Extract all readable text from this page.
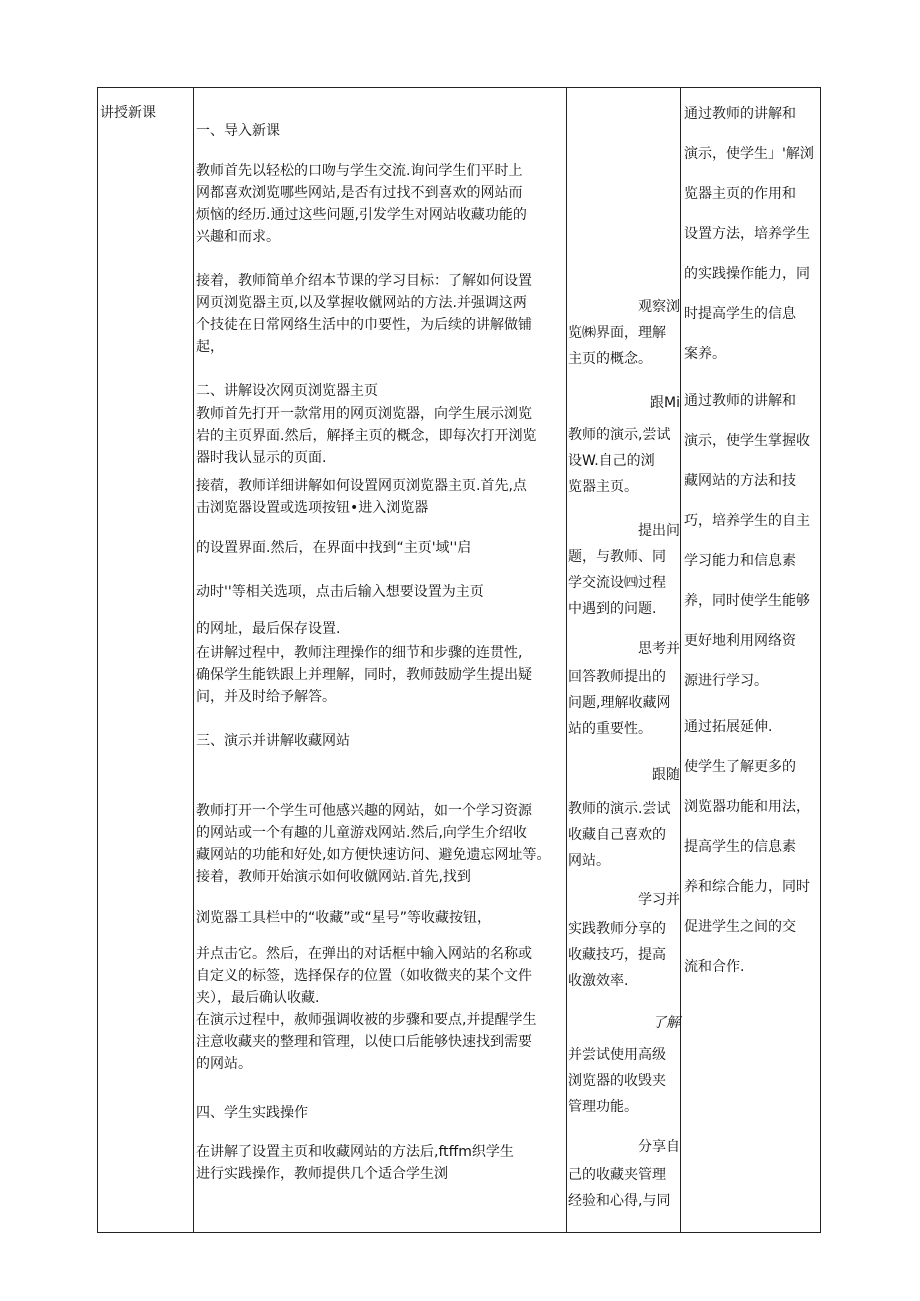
讲授新课
一、导入新课
教师首先以轻松的口吻与学生交流.询问学生们平时上
网都喜欢浏览哪些网站,是否有过找不到喜欢的网站而
烦恼的经历.通过这些问题,引发学生对网站收藏功能的
兴趣和而求。
接着，教师简单介绍本节课的学习目标：了解如何设置
网页浏览器主页,以及掌握收僦网站的方法.并强调这两
个技徒在日常网络生活中的巾要性，为后续的讲解做铺
起，
二、讲解设次网页浏览器主页
教师首先打开一款常用的网页浏览器，向学生展示浏览
岩的主页界面.然后，解择主页的概念，即每次打开浏览
器时我认显示的页面.
接蓿，教师详细讲解如何设置网页浏览器主页.首先,点
击浏览器设置或选项按钮•进入浏览器
的设置界面.然后，在界面中找到“主页'域''启
动时''等相关选项，点击后输入想要设置为主页
的网址，最后保存设置.
在讲解过程中，教师注理操作的细节和步骤的连贯性,
确保学生能铁跟上并理解，同时，教师鼓励学生提出疑
问，并及时给予解答。
三、演示并讲解收藏网站
教师打开一个学生可他感兴趣的网站，如一个学习资源
的网站或一个有趣的儿童游戏网站.然后,向学生介绍收
藏网站的功能和好处,如方便快速访问、避免遗忘网址等。
接着，教师开始演示如何收僦网站.首先,找到
浏览器工具栏中的“收藏”或“星号”等收藏按钮，
并点击它。然后，在弹出的对话框中输入网站的名称或
自定义的标签，选择保存的位置（如收微夹的某个文件
夹），最后确认收藏.
在演示过程中，赦师强调收被的步骤和要点,并提醒学生
注意收藏夹的整理和管理，以使口后能够快速找到需要
的网站。
四、学生实践操作
在讲解了设置主页和收藏网站的方法后,ftffm织学生
进行实践操作，教师提供几个适合学生浏
观察浏
览㈱界面，理解
主页的概念。
跟Mi
教师的演示,尝试
设W.自己的浏
览器主页。
提出问
题，与教师、同
学交流设㈣过程
中遇到的问题.
思考并
回答教师提出的
问题,理解收藏网
站的重要性。
跟随
教师的演示.尝试
收藏自己喜欢的
网站。
学习并
实践教师分享的
收藏技巧，提高
收激效率.
了解
并尝试使用高级
浏览器的收毁夹
管理功能。
分享自
己的收藏夹管理
经验和心得,与同
通过教师的讲解和
演示，使学生」'解浏
览器主页的作用和
设置方法，培养学生
的实践操作能力，同
时提高学生的信息
案养。
通过教师的讲解和
演示，使学生掌握收
藏网站的方法和技
巧，培养学生的自主
学习能力和信息素
养，同时使学生能够
更好地利用网络资
源进行学习。
通过拓展延伸.
使学生了解更多的
浏览器功能和用法，
提高学生的信息素
养和综合能力，同时
促进学生之间的交
流和合作.
